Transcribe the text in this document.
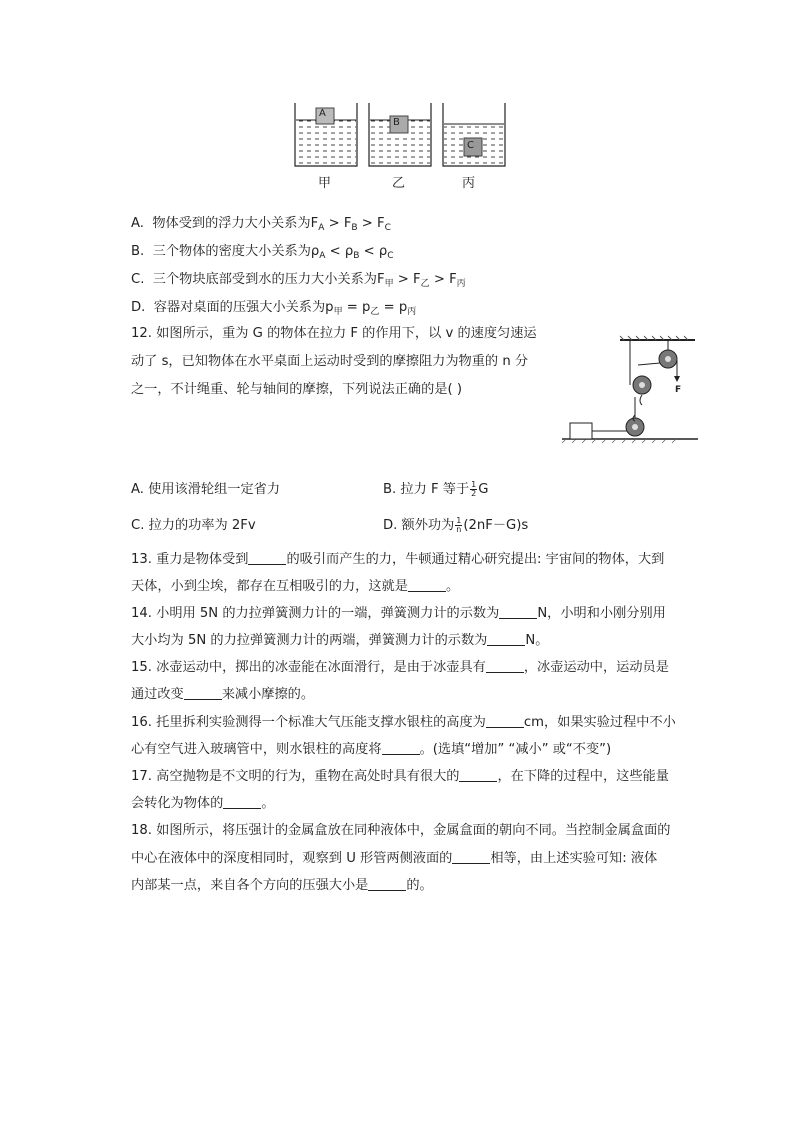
A
B
C
甲	乙	丙
A. 物体受到的浮力大小关系为$F_A > F_B > F_C$
B. 三个物体的密度大小关系为$\rho_A < \rho_B < \rho_C$
C. 三个物块底部受到水的压力大小关系为$F_甲 > F_乙 > F_丙$
D. 容器对桌面的压强大小关系为$p_甲 = p_乙 = p_丙$
12. 如图所示，重为 G 的物体在拉力 F 的作用下，以 v 的速度匀速运
动了 s，已知物体在水平桌面上运动时受到的摩擦阻力为物重的 n 分
之一，不计绳重、轮与轴间的摩擦，下列说法正确的是( )	F
A. 使用该滑轮组一定省力	B. 拉力 F 等于 $\frac{1}{2}$ G
C. 拉力的功率为 2Fv	D. 额外功为 $\frac{1}{n} (2nF-G)s$
13. 重力是物体受到	的吸引而产生的力，牛顿通过精心研究提出: 宇宙间的物体，大到
天体，小到尘埃，都存在互相吸引的力，这就是	。
14. 小明用 5N 的力拉弹簧测力计的一端，弹簧测力计的示数为	N，小明和小刚分别用
大小均为 5N 的力拉弹簧测力计的两端，弹簧测力计的示数为	N。
15. 冰壶运动中，掷出的冰壶能在冰面滑行，是由于冰壶具有	，冰壶运动中，运动员是
通过改变	来减小摩擦的。
16. 托里拆利实验测得一个标准大气压能支撑水银柱的高度为	cm，如果实验过程中不小
心有空气进入玻璃管中，则水银柱的高度将	。(选填“增加” “减小” 或“不变”)
17. 高空抛物是不文明的行为，重物在高处时具有很大的	，在下降的过程中，这些能量
会转化为物体的	。
18. 如图所示，将压强计的金属盒放在同种液体中，金属盒面的朝向不同。当控制金属盒面的
中心在液体中的深度相同时，观察到 U 形管两侧液面的	相等，由上述实验可知: 液体
内部某一点，来自各个方向的压强大小是	的。
